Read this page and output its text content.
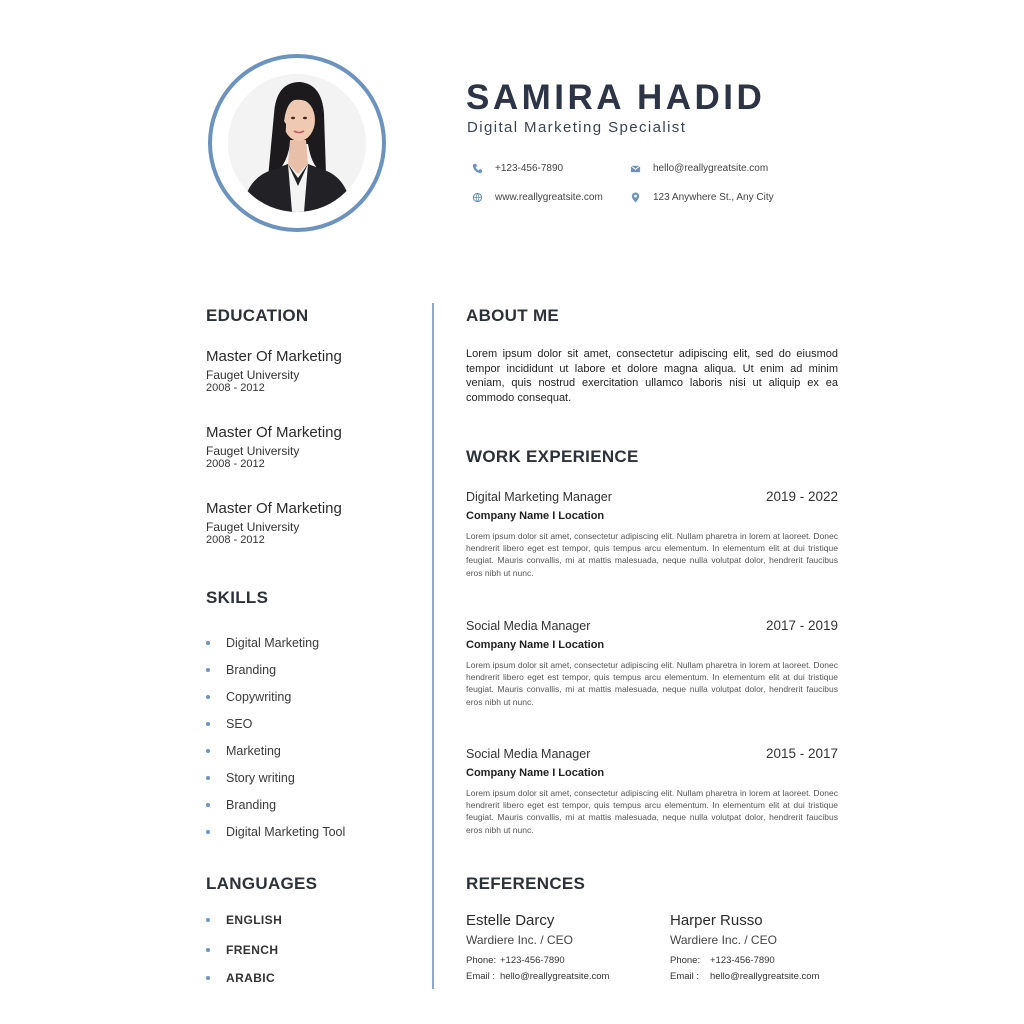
SAMIRA HADID
Digital Marketing Specialist
+123-456-7890	hello@reallygreatsite.com
www.reallygreatsite.com	123 Anywhere St., Any City
EDUCATION
Master Of Marketing
Fauget University
2008 - 2012
Master Of Marketing
Fauget University
2008 - 2012
Master Of Marketing
Fauget University
2008 - 2012
SKILLS
Digital Marketing
Branding
Copywriting
SEO
Marketing
Story writing
Branding
Digital Marketing Tool
LANGUAGES
ENGLISH
FRENCH
ARABIC
ABOUT ME
Lorem ipsum dolor sit amet, consectetur adipiscing elit, sed do eiusmod tempor incididunt ut labore et dolore magna aliqua. Ut enim ad minim veniam, quis nostrud exercitation ullamco laboris nisi ut aliquip ex ea commodo consequat.
WORK EXPERIENCE
Digital Marketing Manager	2019 - 2022
Company Name I Location
Lorem ipsum dolor sit amet, consectetur adipiscing elit. Nullam pharetra in lorem at laoreet. Donec hendrerit libero eget est tempor, quis tempus arcu elementum. In elementum elit at dui tristique feugiat. Mauris convallis, mi at mattis malesuada, neque nulla volutpat dolor, hendrerit faucibus eros nibh ut nunc.
Social Media Manager	2017 - 2019
Company Name I Location
Lorem ipsum dolor sit amet, consectetur adipiscing elit. Nullam pharetra in lorem at laoreet. Donec hendrerit libero eget est tempor, quis tempus arcu elementum. In elementum elit at dui tristique feugiat. Mauris convallis, mi at mattis malesuada, neque nulla volutpat dolor, hendrerit faucibus eros nibh ut nunc.
Social Media Manager	2015 - 2017
Company Name I Location
Lorem ipsum dolor sit amet, consectetur adipiscing elit. Nullam pharetra in lorem at laoreet. Donec hendrerit libero eget est tempor, quis tempus arcu elementum. In elementum elit at dui tristique feugiat. Mauris convallis, mi at mattis malesuada, neque nulla volutpat dolor, hendrerit faucibus eros nibh ut nunc.
REFERENCES
Estelle Darcy
Wardiere Inc. / CEO
Phone: +123-456-7890
Email : hello@reallygreatsite.com
Harper Russo
Wardiere Inc. / CEO
Phone:	+123-456-7890
Email :	hello@reallygreatsite.com
